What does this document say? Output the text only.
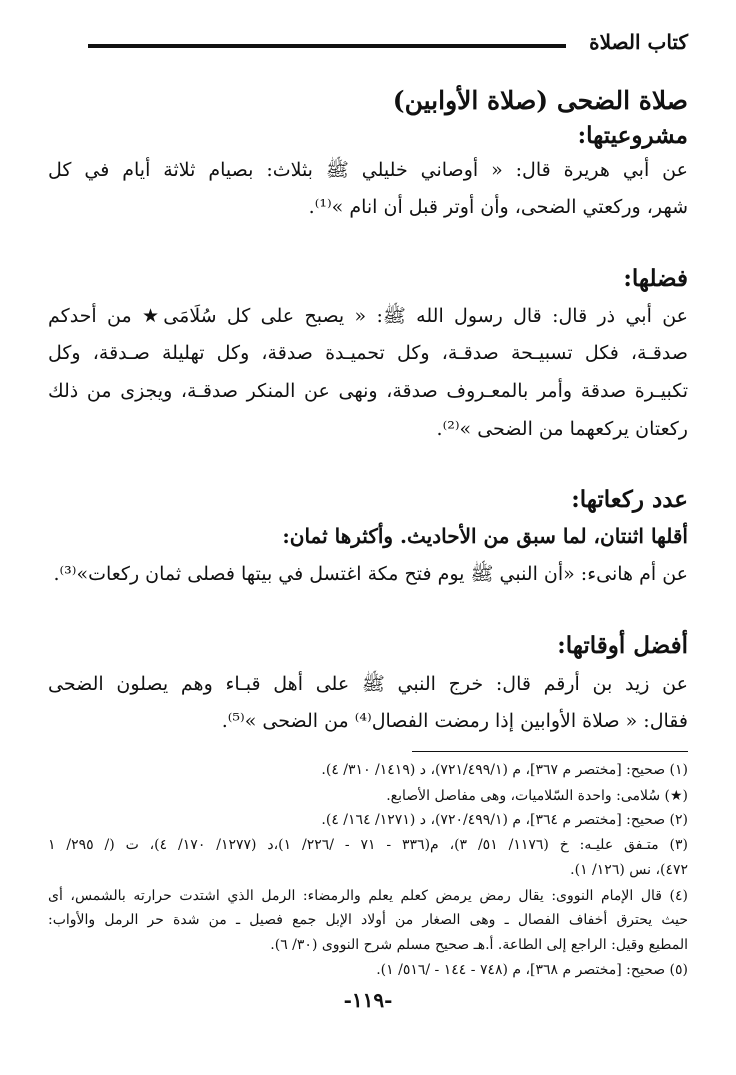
كتاب الصلاة

صلاة الضحى (صلاة الأوابين)

مشروعيتها:

عن أبي هريرة قال: « أوصاني خليلي ﷺ بثلاث: بصيام ثلاثة أيام في كل

شهر، وركعتي الضحى، وأن أوتر قبل أن انام »⁽¹⁾.

فضلها:

عن أبي ذر قال: قال رسول الله ﷺ: « يصبح على كل سُلَامَى★ من أحدكم

صدقـة، فكل تسبيـحة صدقـة، وكل تحميـدة صدقة، وكل تهليلة صـدقة، وكل

تكبيـرة صدقة وأمر بالمعـروف صدقة، ونهى عن المنكر صدقـة، ويجزى من ذلك

ركعتان يركعهما من الضحى »⁽²⁾.

عدد ركعاتها:

أقلها اثنتان، لما سبق من الأحاديث. وأكثرها ثمان:

عن أم هانىء: «أن النبي ﷺ يوم فتح مكة اغتسل في بيتها فصلى ثمان ركعات»⁽³⁾.

أفضل أوقاتها:

عن زيد بن أرقم قال: خرج النبي ﷺ على أهل قبـاء وهم يصلون الضحى

فقال: « صلاة الأوابين إذا رمضت الفصال⁽⁴⁾ من الضحى »⁽⁵⁾.

(١) صحيح: [مختصر م ٣٦٧]، م (٧٢١/٤٩٩/١)، د (١٤١٩/ ٣١٠/ ٤).

(★) سُلامى: واحدة السّلاميات، وهى مفاصل الأصابع.

(٢) صحيح: [مختصر م ٣٦٤]، م (٧٢٠/٤٩٩/١)، د (١٢٧١/ ١٦٤/ ٤).

(٣) متـفق عليـه: خ (١١٧٦/ ٥١/ ٣)، م(٣٣٦ - ٧١ - /٢٢٦/ ١)،د (١٢٧٧/ ١٧٠/ ٤)، ت (/ ٢٩٥/ ١

٤٧٢)، نس (١٢٦/ ١).

(٤) قال الإمام النووى: يقال رمض يرمض كعلم يعلم والرمضاء: الرمل الذي اشتدت حرارته بالشمس، أى

حيث يحترق أخفاف الفصال ـ وهى الصغار من أولاد الإبل جمع فصيل ـ من شدة حر الرمل والأواب:

المطيع وقيل: الراجع إلى الطاعة. أ.هـ صحيح مسلم شرح النووى (٣٠/ ٦).

(٥) صحيح: [مختصر م ٣٦٨]، م (٧٤٨ - ١٤٤ - /٥١٦/ ١).

-١١٩-
